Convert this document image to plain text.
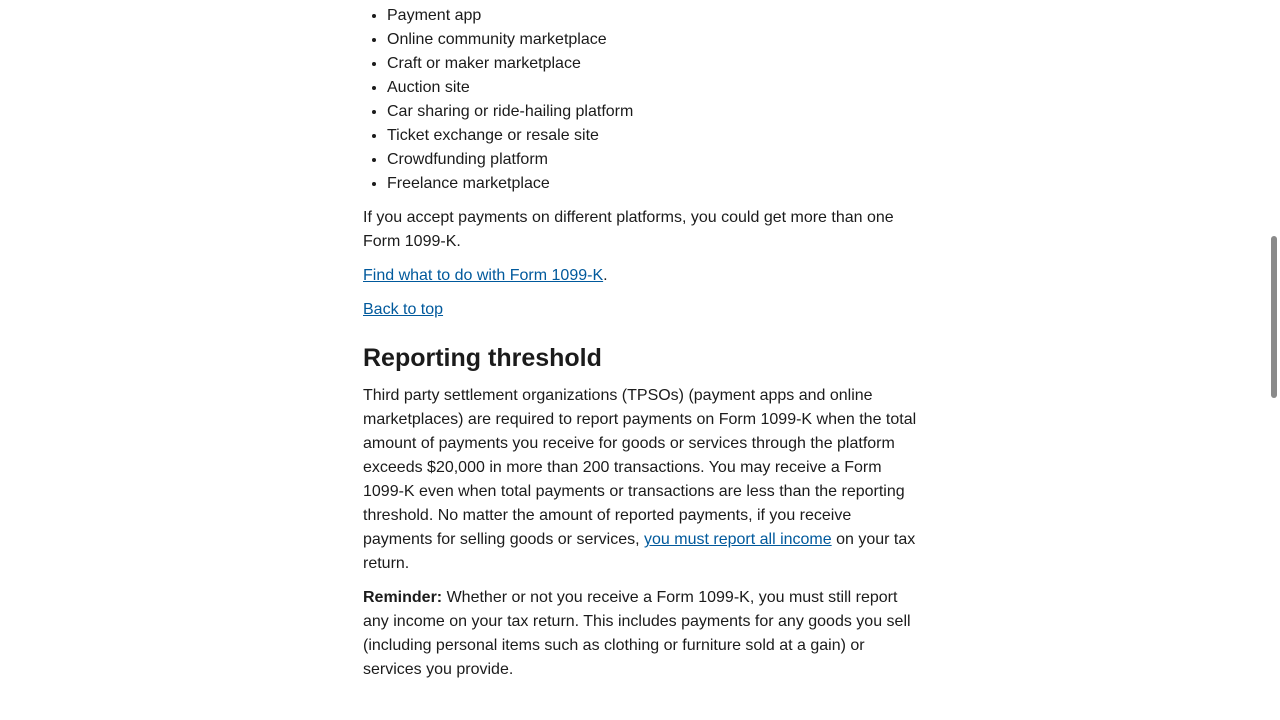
• Payment app
• Online community marketplace
• Craft or maker marketplace
• Auction site
• Car sharing or ride-hailing platform
• Ticket exchange or resale site
• Crowdfunding platform
• Freelance marketplace

If you accept payments on different platforms, you could get more than one Form 1099-K.

Find what to do with Form 1099-K.

Back to top

Reporting threshold

Third party settlement organizations (TPSOs) (payment apps and online marketplaces) are required to report payments on Form 1099-K when the total amount of payments you receive for goods or services through the platform exceeds $20,000 in more than 200 transactions. You may receive a Form 1099-K even when total payments or transactions are less than the reporting threshold. No matter the amount of reported payments, if you receive payments for selling goods or services, you must report all income on your tax return.

Reminder: Whether or not you receive a Form 1099-K, you must still report any income on your tax return. This includes payments for any goods you sell (including personal items such as clothing or furniture sold at a gain) or services you provide.
